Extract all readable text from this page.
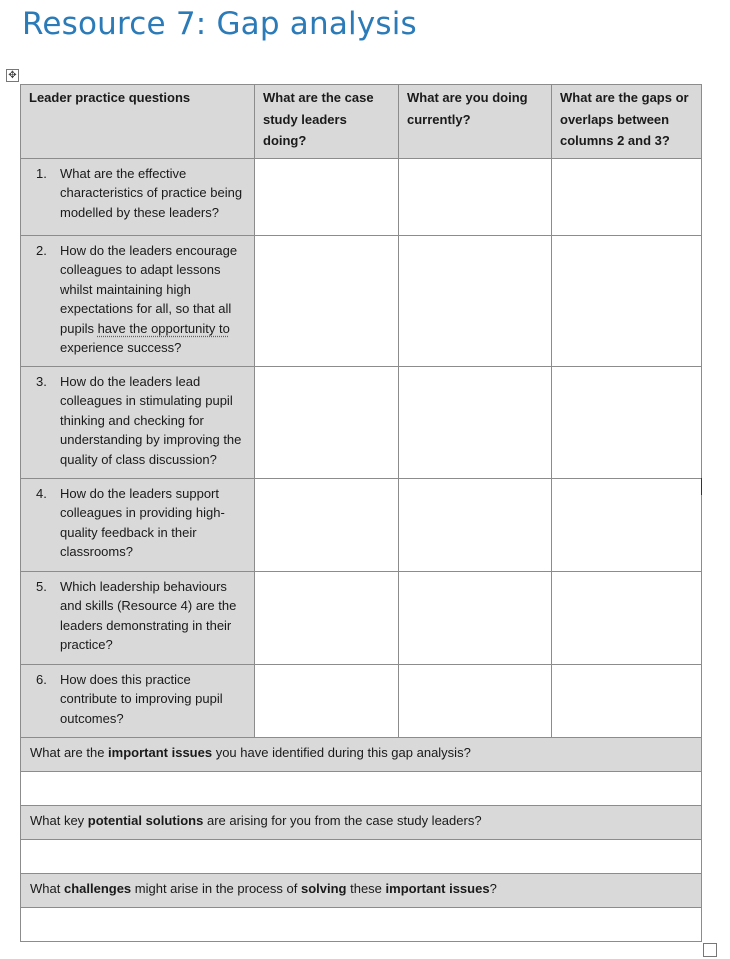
Resource 7: Gap analysis
✥
Leader practice questions	What are the case study leaders doing?	What are you doing currently?	What are the gaps or overlaps between columns 2 and 3?

1. What are the effective characteristics of practice being modelled by these leaders?			

2. How do the leaders encourage colleagues to adapt lessons whilst maintaining high expectations for all, so that all pupils have the opportunity to experience success?			

3. How do the leaders lead colleagues in stimulating pupil thinking and checking for understanding by improving the quality of class discussion?			

4. How do the leaders support colleagues in providing high-quality feedback in their classrooms?			

5. Which leadership behaviours and skills (Resource 4) are the leaders demonstrating in their practice?			

6. How does this practice contribute to improving pupil outcomes?			

What are the important issues you have identified during this gap analysis?			

What key potential solutions are arising for you from the case study leaders?			

What challenges might arise in the process of solving these important issues?			
